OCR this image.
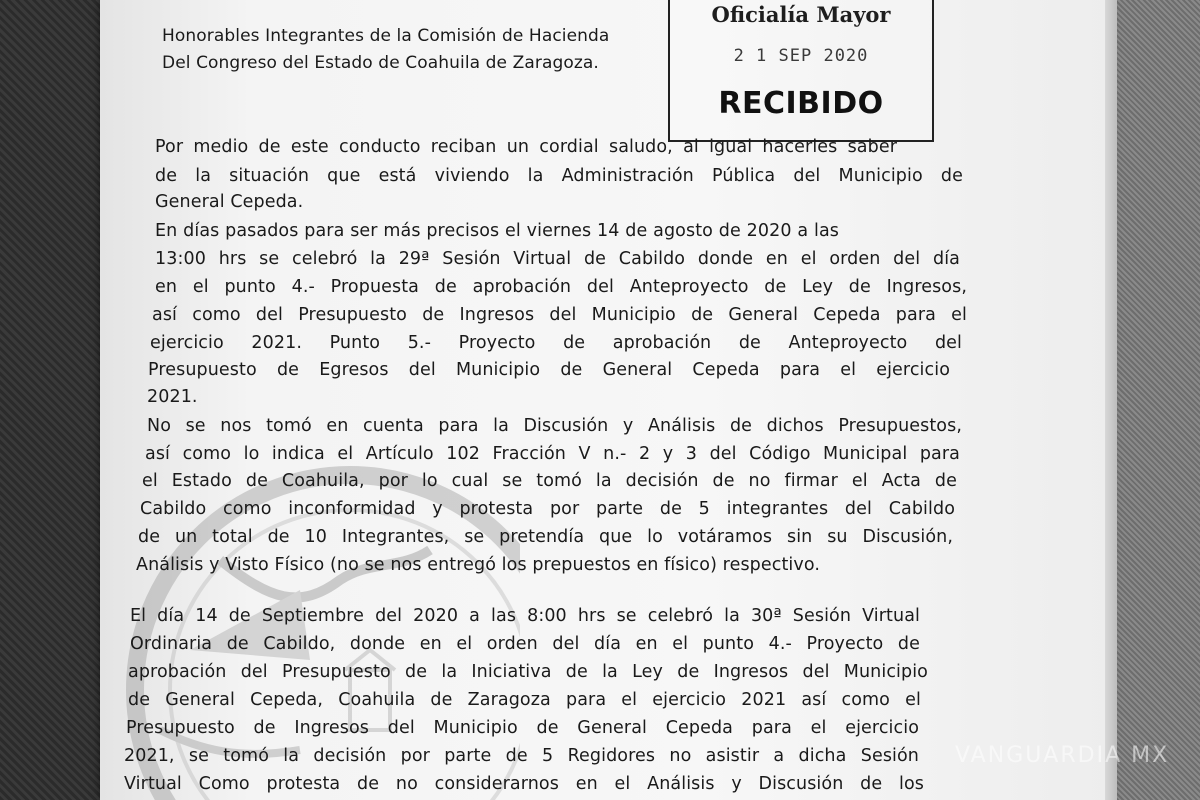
Honorables Integrantes de la Comisión de Hacienda
Del Congreso del Estado de Coahuila de Zaragoza.
Oficialía Mayor
2 1 SEP 2020
RECIBIDO
Por medio de este conducto reciban un cordial saludo, al igual hacerles saber
de la situación que está viviendo la Administración Pública del Municipio de
General Cepeda.
En días pasados para ser más precisos el viernes 14 de agosto de 2020 a las
13:00 hrs se celebró la 29ª Sesión Virtual de Cabildo donde en el orden del día
en el punto 4.- Propuesta de aprobación del Anteproyecto de Ley de Ingresos,
así como del Presupuesto de Ingresos del Municipio de General Cepeda para el
ejercicio 2021. Punto 5.- Proyecto de aprobación de Anteproyecto del
Presupuesto de Egresos del Municipio de General Cepeda para el ejercicio
2021.
No se nos tomó en cuenta para la Discusión y Análisis de dichos Presupuestos,
así como lo indica el Artículo 102 Fracción V n.- 2 y 3 del Código Municipal para
el Estado de Coahuila, por lo cual se tomó la decisión de no firmar el Acta de
Cabildo como inconformidad y protesta por parte de 5 integrantes del Cabildo
de un total de 10 Integrantes, se pretendía que lo votáramos sin su Discusión,
Análisis y Visto Físico (no se nos entregó los prepuestos en físico) respectivo.
El día 14 de Septiembre del 2020 a las 8:00 hrs se celebró la 30ª Sesión Virtual
Ordinaria de Cabildo, donde en el orden del día en el punto 4.- Proyecto de
aprobación del Presupuesto de la Iniciativa de la Ley de Ingresos del Municipio
de General Cepeda, Coahuila de Zaragoza para el ejercicio 2021 así como el
Presupuesto de Ingresos del Municipio de General Cepeda para el ejercicio
2021, se tomó la decisión por parte de 5 Regidores no asistir a dicha Sesión
Virtual Como protesta de no considerarnos en el Análisis y Discusión de los
VANGUARDIA MX
